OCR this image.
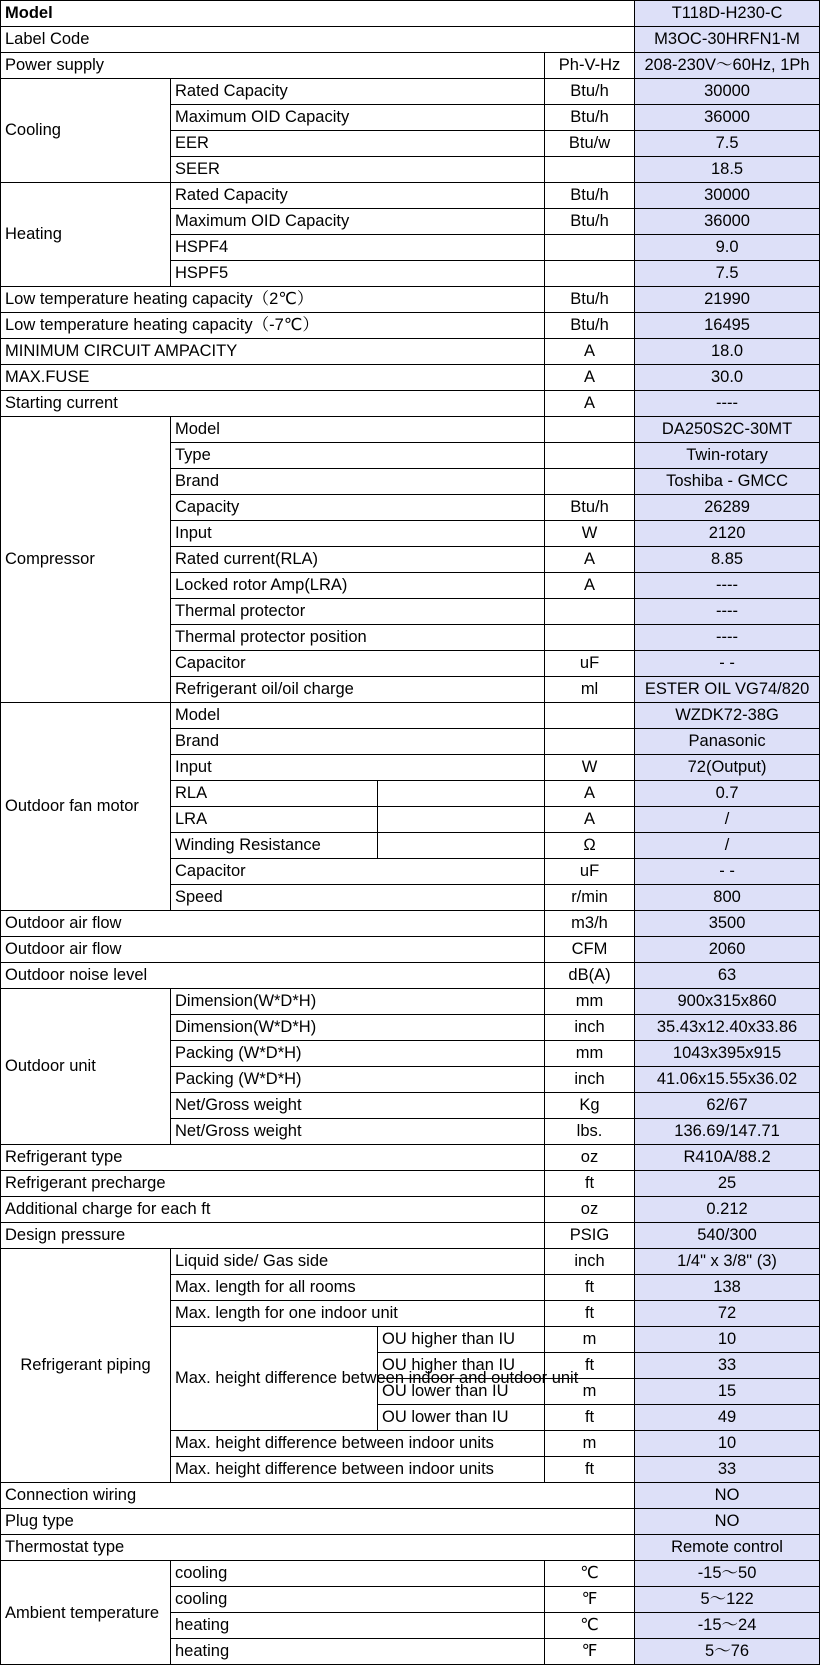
Model				T118D-H230-C
Label Code				M3OC-30HRFN1-M
Power supply			Ph-V-Hz	208-230V～60Hz, 1Ph
Cooling	Rated Capacity		Btu/h	30000
	Maximum OID Capacity		Btu/h	36000
	EER		Btu/w	7.5
	SEER			18.5
Heating	Rated Capacity		Btu/h	30000
	Maximum OID Capacity		Btu/h	36000
	HSPF4			9.0
	HSPF5			7.5
Low temperature heating capacity（2℃）			Btu/h	21990
Low temperature heating capacity（-7℃）			Btu/h	16495
MINIMUM CIRCUIT AMPACITY			A	18.0
MAX.FUSE			A	30.0
Starting current			A	----
Compressor	Model			DA250S2C-30MT
	Type			Twin-rotary
	Brand			Toshiba - GMCC
	Capacity		Btu/h	26289
	Input		W	2120
	Rated current(RLA)		A	8.85
	Locked rotor Amp(LRA)		A	----
	Thermal protector			----
	Thermal protector position			----
	Capacitor		uF	- -
	Refrigerant oil/oil charge		ml	ESTER OIL VG74/820
Outdoor fan motor	Model			WZDK72-38G
	Brand			Panasonic
	Input		W	72(Output)
	RLA		A	0.7
	LRA		A	/
	Winding Resistance		Ω	/
	Capacitor		uF	- -
	Speed		r/min	800
Outdoor air flow			m3/h	3500
Outdoor air flow			CFM	2060
Outdoor noise level			dB(A)	63
Outdoor unit	Dimension(W*D*H)		mm	900x315x860
	Dimension(W*D*H)		inch	35.43x12.40x33.86
	Packing (W*D*H)		mm	1043x395x915
	Packing (W*D*H)		inch	41.06x15.55x36.02
	Net/Gross weight		Kg	62/67
	Net/Gross weight		lbs.	136.69/147.71
Refrigerant type			oz	R410A/88.2
Refrigerant precharge			ft	25
Additional charge for each ft			oz	0.212
Design pressure			PSIG	540/300
Refrigerant piping	Liquid side/ Gas side		inch	1/4" x 3/8" (3)
	Max. length for all rooms		ft	138
	Max. length for one indoor unit		ft	72
	Max. height difference between indoor and outdoor unit	OU higher than IU	m	10
		OU higher than IU	ft	33
		OU lower than IU	m	15
		OU lower than IU	ft	49
	Max. height difference between indoor units		m	10
	Max. height difference between indoor units		ft	33
Connection wiring				NO
Plug type				NO
Thermostat type				Remote control
Ambient temperature	cooling		℃	-15～50
	cooling		℉	5～122
	heating		℃	-15～24
	heating		℉	5～76
